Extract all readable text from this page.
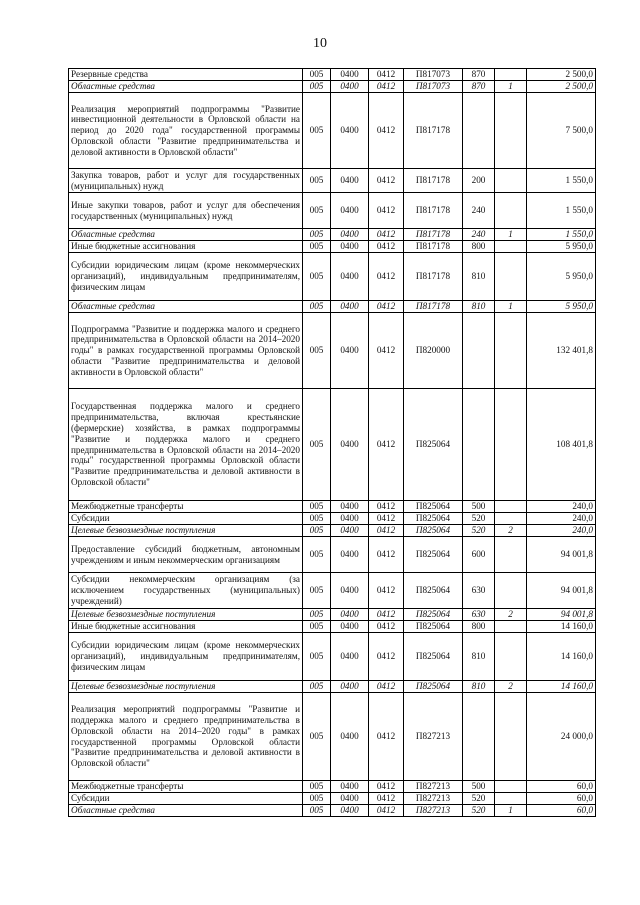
10
Резервные средства	005	0400	0412	П817073	870		2 500,0
Областные средства	005	0400	0412	П817073	870	1	2 500,0
Реализация мероприятий подпрограммы "Развитие инвестиционной деятельности в Орловской области на период до 2020 года" государственной программы Орловской области "Развитие предпринимательства и деловой активности в Орловской области"	005	0400	0412	П817178			7 500,0
Закупка товаров, работ и услуг для государственных (муниципальных) нужд	005	0400	0412	П817178	200		1 550,0
Иные закупки товаров, работ и услуг для обеспечения государственных (муниципальных) нужд	005	0400	0412	П817178	240		1 550,0
Областные средства	005	0400	0412	П817178	240	1	1 550,0
Иные бюджетные ассигнования	005	0400	0412	П817178	800		5 950,0
Субсидии юридическим лицам (кроме некоммерческих организаций), индивидуальным предпринимателям, физическим лицам	005	0400	0412	П817178	810		5 950,0
Областные средства	005	0400	0412	П817178	810	1	5 950,0
Подпрограмма "Развитие и поддержка малого и среднего предпринимательства в Орловской области на 2014–2020 годы" в рамках государственной программы Орловской области "Развитие предпринимательства и деловой активности в Орловской области"	005	0400	0412	П820000			132 401,8
Государственная поддержка малого и среднего предпринимательства, включая крестьянские (фермерские) хозяйства, в рамках подпрограммы "Развитие и поддержка малого и среднего предпринимательства в Орловской области на 2014–2020 годы" государственной программы Орловской области "Развитие предпринимательства и деловой активности в Орловской области"	005	0400	0412	П825064			108 401,8
Межбюджетные трансферты	005	0400	0412	П825064	500		240,0
Субсидии	005	0400	0412	П825064	520		240,0
Целевые безвозмездные поступления	005	0400	0412	П825064	520	2	240,0
Предоставление субсидий бюджетным, автономным учреждениям и иным некоммерческим организациям	005	0400	0412	П825064	600		94 001,8
Субсидии некоммерческим организациям (за исключением государственных (муниципальных) учреждений)	005	0400	0412	П825064	630		94 001,8
Целевые безвозмездные поступления	005	0400	0412	П825064	630	2	94 001,8
Иные бюджетные ассигнования	005	0400	0412	П825064	800		14 160,0
Субсидии юридическим лицам (кроме некоммерческих организаций), индивидуальным предпринимателям, физическим лицам	005	0400	0412	П825064	810		14 160,0
Целевые безвозмездные поступления	005	0400	0412	П825064	810	2	14 160,0
Реализация мероприятий подпрограммы "Развитие и поддержка малого и среднего предпринимательства в Орловской области на 2014–2020 годы" в рамках государственной программы Орловской области "Развитие предпринимательства и деловой активности в Орловской области"	005	0400	0412	П827213			24 000,0
Межбюджетные трансферты	005	0400	0412	П827213	500		60,0
Субсидии	005	0400	0412	П827213	520		60,0
Областные средства	005	0400	0412	П827213	520	1	60,0
